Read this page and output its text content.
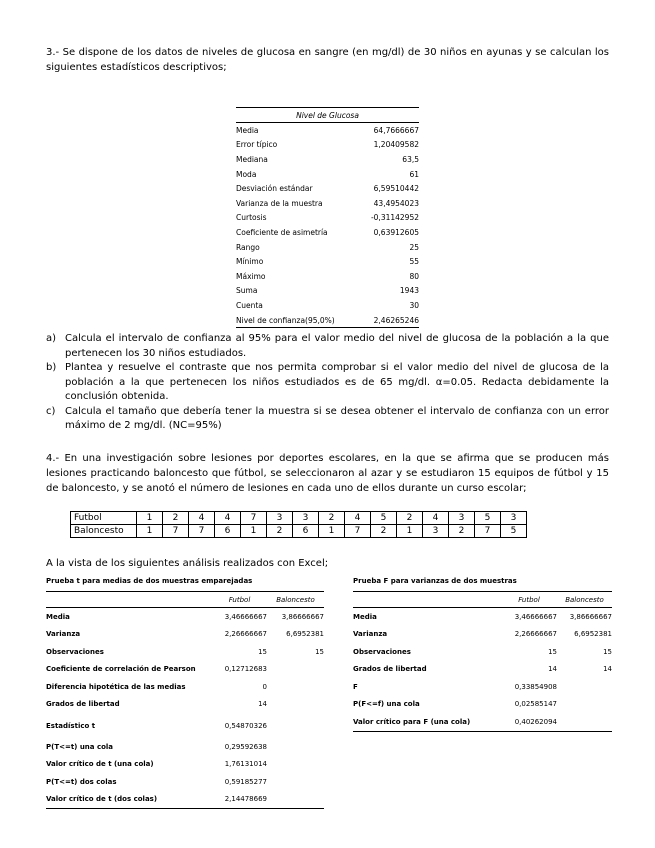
3.- Se dispone de los datos de niveles de glucosa en sangre (en mg/dl) de 30 niños en ayunas y se calculan los siguientes estadísticos descriptivos;
Nivel de Glucosa	
Media	64,7666667
Error típico	1,20409582
Mediana	63,5
Moda	61
Desviación estándar	6,59510442
Varianza de la muestra	43,4954023
Curtosis	-0,31142952
Coeficiente de asimetría	0,63912605
Rango	25
Mínimo	55
Máximo	80
Suma	1943
Cuenta	30
Nivel de confianza(95,0%)	2,46265246
a) Calcula el intervalo de confianza al 95% para el valor medio del nivel de glucosa de la población a la que pertenecen los 30 niños estudiados.
b) Plantea y resuelve el contraste que nos permita comprobar si el valor medio del nivel de glucosa de la población a la que pertenecen los niños estudiados es de 65 mg/dl. α=0.05. Redacta debidamente la conclusión obtenida.
c) Calcula el tamaño que debería tener la muestra si se desea obtener el intervalo de confianza con un error máximo de 2 mg/dl. (NC=95%)
4.- En una investigación sobre lesiones por deportes escolares, en la que se afirma que se producen más lesiones practicando baloncesto que fútbol, se seleccionaron al azar y se estudiaron 15 equipos de fútbol y 15 de baloncesto, y se anotó el número de lesiones en cada uno de ellos durante un curso escolar;
Futbol	1	2	4	4	7	3	3	2	4	5	2	4	3	5	3
Baloncesto	1	7	7	6	1	2	6	1	7	2	1	3	2	7	5
A la vista de los siguientes análisis realizados con Excel;
Prueba t para medias de dos muestras emparejadas
	Futbol	Baloncesto
Media	3,46666667	3,86666667
Varianza	2,26666667	6,6952381
Observaciones	15	15
Coeficiente de correlación de Pearson	0,12712683	
Diferencia hipotética de las medias	0	
Grados de libertad	14	
Estadístico t	0,54870326	
P(T<=t) una cola	0,29592638	
Valor crítico de t (una cola)	1,76131014	
P(T<=t) dos colas	0,59185277	
Valor crítico de t (dos colas)	2,14478669	
Prueba F para varianzas de dos muestras
	Futbol	Baloncesto
Media	3,46666667	3,86666667
Varianza	2,26666667	6,6952381
Observaciones	15	15
Grados de libertad	14	14
F	0,33854908	
P(F<=f) una cola	0,02585147	
Valor crítico para F (una cola)	0,40262094	
